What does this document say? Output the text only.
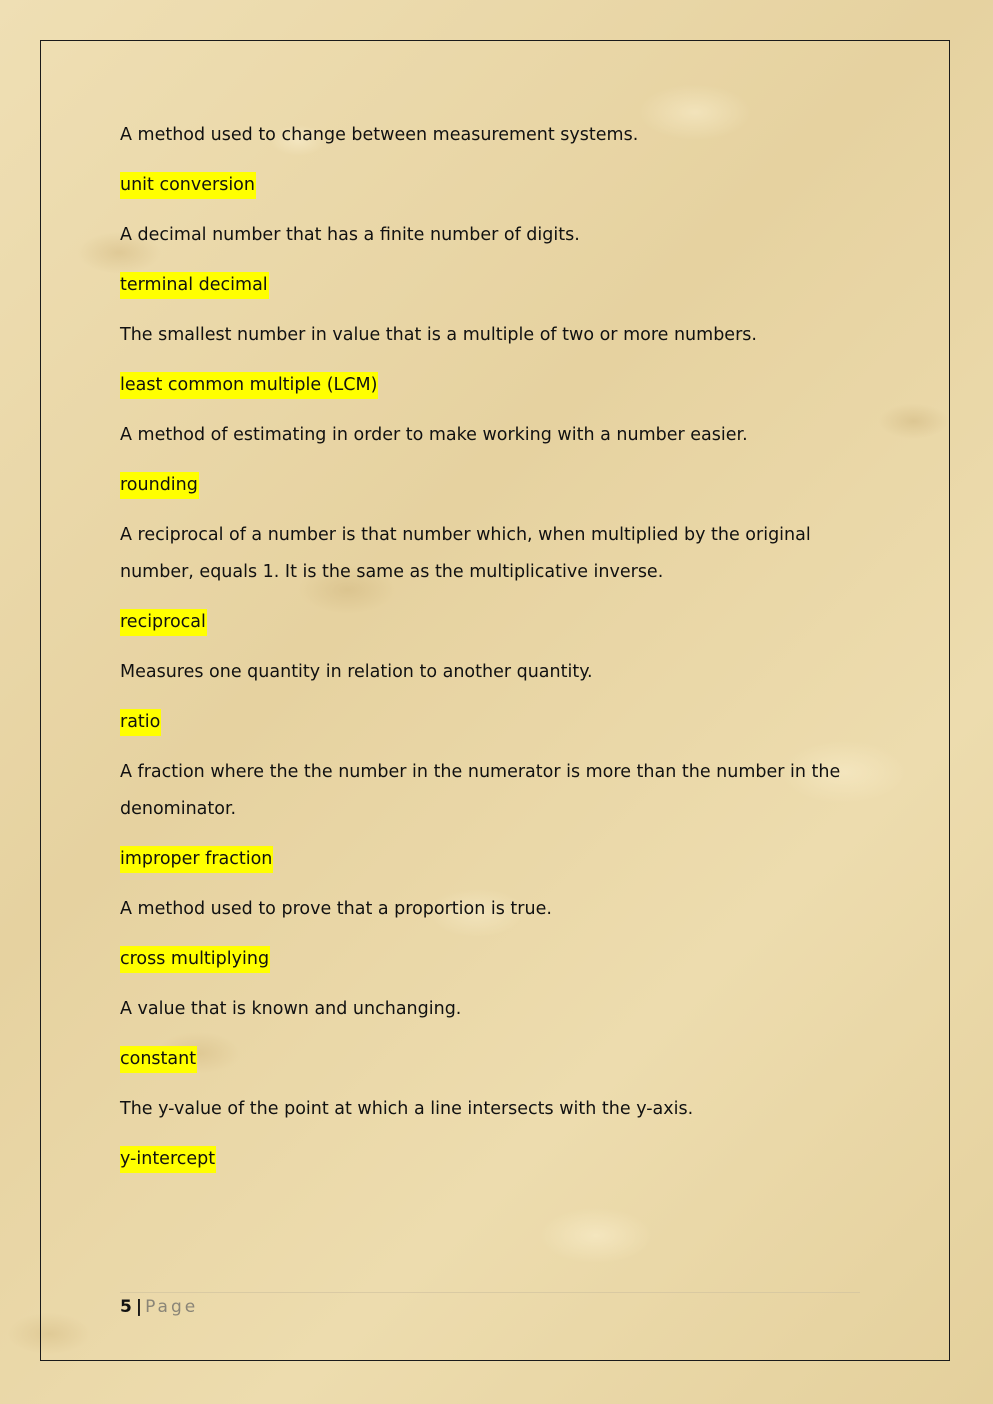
A method used to change between measurement systems.

unit conversion

A decimal number that has a finite number of digits.

terminal decimal

The smallest number in value that is a multiple of two or more numbers.

least common multiple (LCM)

A method of estimating in order to make working with a number easier.

rounding

A reciprocal of a number is that number which, when multiplied by the original number, equals 1. It is the same as the multiplicative inverse.

reciprocal

Measures one quantity in relation to another quantity.

ratio

A fraction where the the number in the numerator is more than the number in the denominator.

improper fraction

A method used to prove that a proportion is true.

cross multiplying

A value that is known and unchanging.

constant

The y-value of the point at which a line intersects with the y-axis.

y-intercept

5 | Page
